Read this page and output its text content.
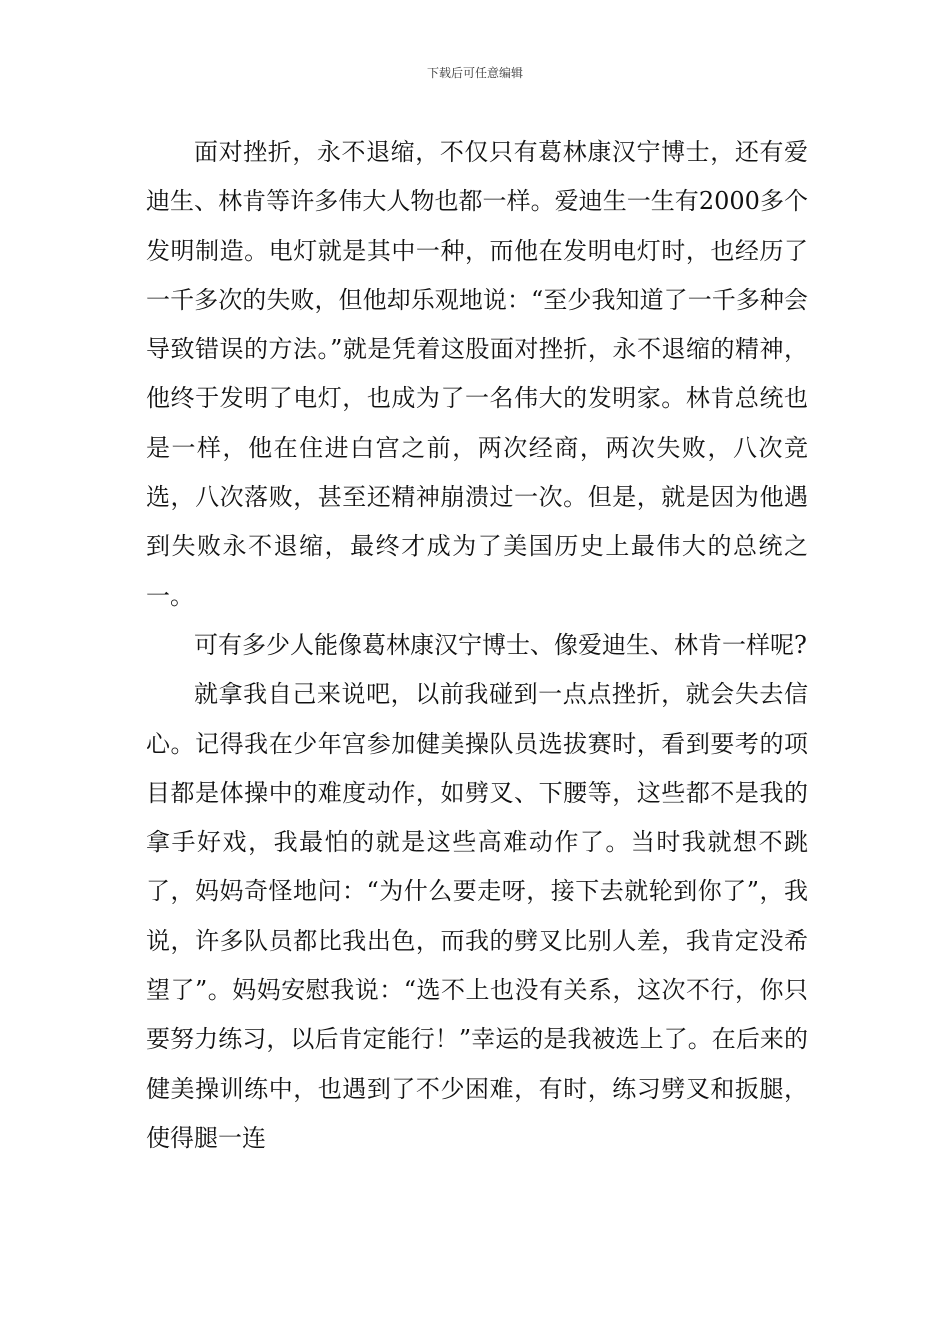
下载后可任意编辑

面对挫折，永不退缩，不仅只有葛林康汉宁博士，还有爱迪生、林肯等许多伟大人物也都一样。爱迪生一生有2000多个发明制造。电灯就是其中一种，而他在发明电灯时，也经历了一千多次的失败，但他却乐观地说：“至少我知道了一千多种会导致错误的方法。”就是凭着这股面对挫折，永不退缩的精神，他终于发明了电灯，也成为了一名伟大的发明家。林肯总统也是一样，他在住进白宫之前，两次经商，两次失败，八次竞选，八次落败，甚至还精神崩溃过一次。但是，就是因为他遇到失败永不退缩，最终才成为了美国历史上最伟大的总统之一。

可有多少人能像葛林康汉宁博士、像爱迪生、林肯一样呢?

就拿我自己来说吧，以前我碰到一点点挫折，就会失去信心。记得我在少年宫参加健美操队员选拔赛时，看到要考的项目都是体操中的难度动作，如劈叉、下腰等，这些都不是我的拿手好戏，我最怕的就是这些高难动作了。当时我就想不跳了，妈妈奇怪地问：“为什么要走呀，接下去就轮到你了”，我说，许多队员都比我出色，而我的劈叉比别人差，我肯定没希望了”。妈妈安慰我说：“选不上也没有关系，这次不行，你只要努力练习，以后肯定能行！”幸运的是我被选上了。在后来的健美操训练中，也遇到了不少困难，有时，练习劈叉和扳腿，使得腿一连
